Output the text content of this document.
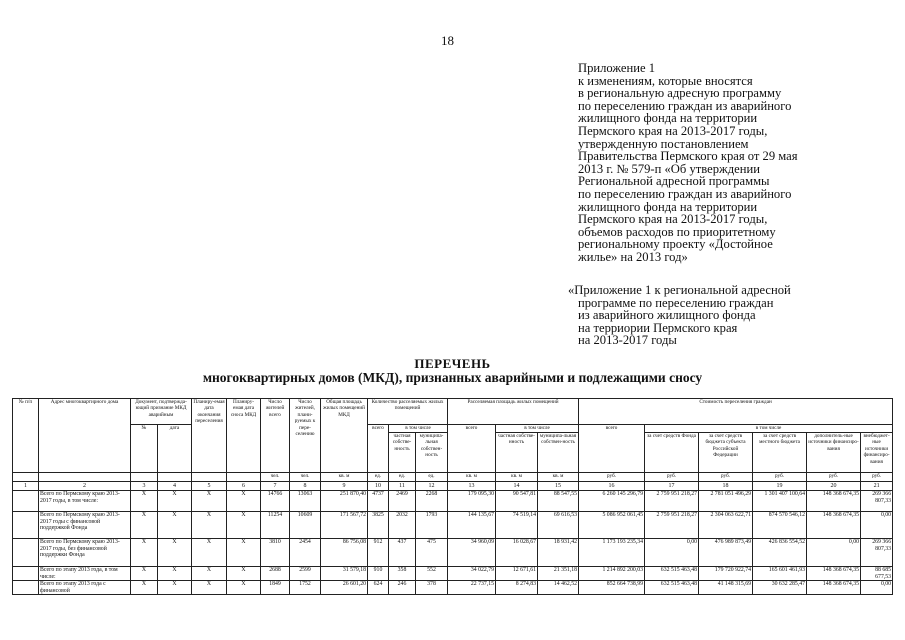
18
Приложение 1
к изменениям, которые вносятся
в региональную адресную программу
по переселению граждан из аварийного
жилищного фонда на территории
Пермского края на 2013-2017 годы,
утвержденную постановлением
Правительства Пермского края от 29 мая
2013 г. № 579-п «Об утверждении
Региональной адресной программы
по переселению граждан из аварийного
жилищного фонда на территории
Пермского края на 2013-2017 годы,
объемов расходов по приоритетному
региональному проекту «Достойное
жилье» на 2013 год»
«Приложение 1 к региональной адресной
программе по переселению граждан
из аварийного жилищного фонда
на терриории Пермского края
на 2013-2017 годы
ПЕРЕЧЕНЬ
многоквартирных домов (МКД), признанных аварийными и подлежащими сносу
№ п/п	Адрес многоквартирного дома	Документ, подтвержда-ющий признание МКД аварийным		Планиру-емая дата окончания переселения	Планиру-емая дата сноса МКД	Число жителей всего	Число жителей, плани-руемых к пере-селению	Общая площадь жилых помещений МКД	Количество расселяемых жилых помещений			Расселяемая площадь жилых помещений			Стоимость переселения граждан					
		№	дата						всего	в том числе		всего	в том числе		всего	в том числе				
										частная собстве-нность	муниципа-льная собствен-ность		частная собстве-нность	муниципа-льная собствен-ность		за счет средств Фонда	за счет средств бюджета субъекта Российской Федерации	за счет средств местного бюджета	дополнитель-ные источники финансиро-вания	внебюджет-ные источники финансиро-вания
						чел.	чел.	кв. м	ед.	ед.	ед.	кв. м	кв. м	кв. м	руб.	руб.	руб.	руб.	руб.	руб.
1	2	3	4	5	6	7	8	9	10	11	12	13	14	15	16	17	18	19	20	21
	Всего по Пермскому краю 2013-2017 годы, в том числе:	Х	Х	Х	Х	14766	13063	251 870,40	4737	2469	2268	179 095,30	90 547,81	88 547,55	6 260 145 296,79	2 759 951 218,27	2 781 051 496,29	1 301 407 100,64	148 368 674,35	269 366 807,33
	Всего по Пермскому краю 2013-2017 годы с финансовой поддержкой Фонда	Х	Х	Х	Х	11254	10609	171 567,72	3825	2032	1793	144 135,67	74 519,14	69 616,53	5 086 952 061,45	2 759 951 218,27	2 304 063 622,71	874 570 546,12	148 368 674,35	0,00
	Всего по Пермскому краю 2013-2017 годы, без финансовой поддержки Фонда	Х	Х	Х	Х	3810	2454	86 756,08	912	437	475	34 960,09	16 028,67	18 931,42	1 173 193 235,34	0,00	476 989 873,49	426 836 554,52	0,00	269 366 807,33
	Всего по этапу 2013 года, в том числе:	Х	Х	Х	Х	2688	2599	31 579,18	910	358	552	34 022,79	12 671,61	21 351,18	1 214 892 200,03	632 515 463,48	179 720 922,74	165 601 461,93	148 368 674,35	88 685 677,53
	Всего по этапу 2013 года с финансовой	Х	Х	Х	Х	1849	1752	26 601,20	624	246	378	22 737,15	8 274,83	14 462,52	852 664 738,99	632 515 463,48	41 148 315,69	30 632 285,47	148 368 674,35	0,00
